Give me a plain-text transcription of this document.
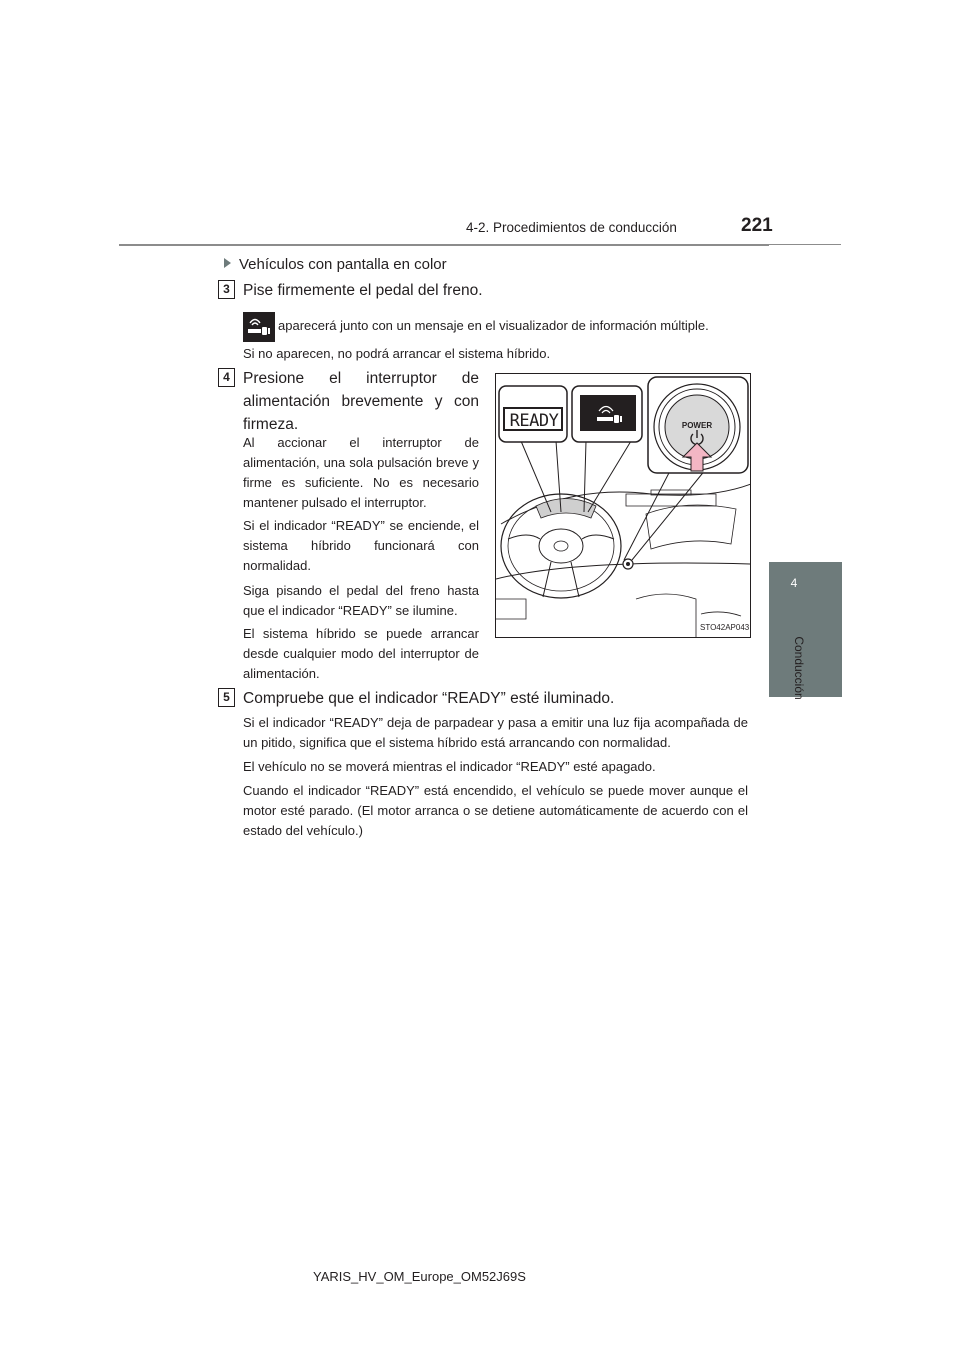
4-2. Procedimientos de conducción	221
4
Conducción
Vehículos con pantalla en color
3 Pise firmemente el pedal del freno.
aparecerá junto con un mensaje en el visualizador de información múltiple.
Si no aparecen, no podrá arrancar el sistema híbrido.
4 Presione el interruptor de alimentación brevemente y con firmeza.
Al accionar el interruptor de alimentación, una sola pulsación breve y firme es suficiente. No es necesario mantener pulsado el interruptor.
Si el indicador “READY” se enciende, el sistema híbrido funcionará con normalidad.
Siga pisando el pedal del freno hasta que el indicador “READY” se ilumine.
El sistema híbrido se puede arrancar desde cualquier modo del interruptor de alimentación.
READY	POWER
STO42AP043
5 Compruebe que el indicador “READY” esté iluminado.
Si el indicador “READY” deja de parpadear y pasa a emitir una luz fija acompañada de un pitido, significa que el sistema híbrido está arrancando con normalidad.
El vehículo no se moverá mientras el indicador “READY” esté apagado.
Cuando el indicador “READY” está encendido, el vehículo se puede mover aunque el motor esté parado. (El motor arranca o se detiene automáticamente de acuerdo con el estado del vehículo.)
YARIS_HV_OM_Europe_OM52J69S
